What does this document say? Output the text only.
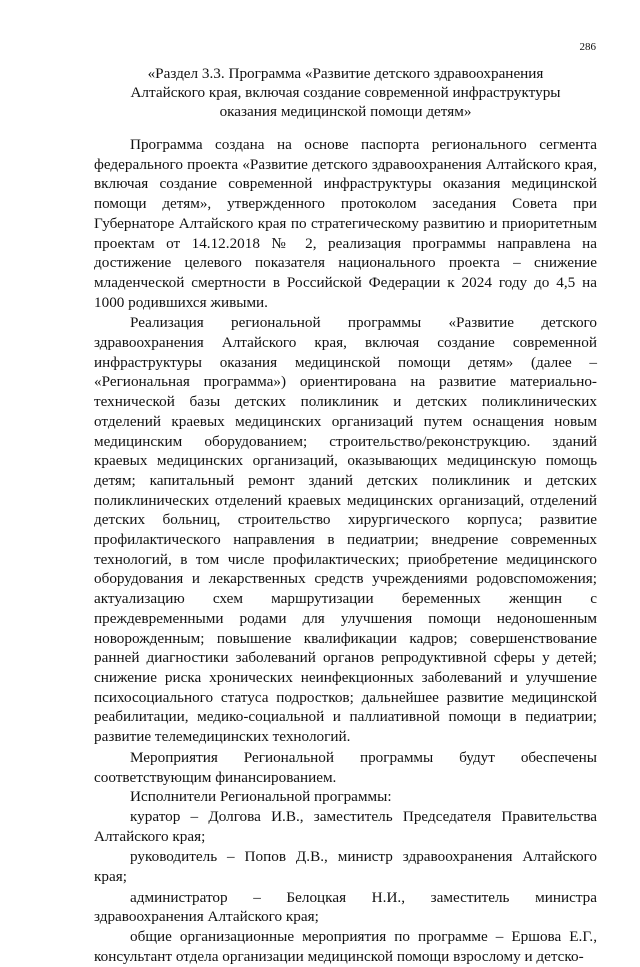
286

«Раздел 3.3. Программа «Развитие детского здравоохранения Алтайского края, включая создание современной инфраструктуры оказания медицинской помощи детям»

Программа создана на основе паспорта регионального сегмента федерального проекта «Развитие детского здравоохранения Алтайского края, включая создание современной инфраструктуры оказания медицинской помощи детям», утвержденного протоколом заседания Совета при Губернаторе Алтайского края по стратегическому развитию и приоритетным проектам от 14.12.2018 № 2, реализация программы направлена на достижение целевого показателя национального проекта – снижение младенческой смертности в Российской Федерации к 2024 году до 4,5 на 1000 родившихся живыми.

Реализация региональной программы «Развитие детского здравоохранения Алтайского края, включая создание современной инфраструктуры оказания медицинской помощи детям» (далее – «Региональная программа») ориентирована на развитие материально-технической базы детских поликлиник и детских поликлинических отделений краевых медицинских организаций путем оснащения новым медицинским оборудованием; строительство/реконструкцию. зданий краевых медицинских организаций, оказывающих медицинскую помощь детям; капитальный ремонт зданий детских поликлиник и детских поликлинических отделений краевых медицинских организаций, отделений детских больниц, строительство хирургического корпуса; развитие профилактического направления в педиатрии; внедрение современных технологий, в том числе профилактических; приобретение медицинского оборудования и лекарственных средств учреждениями родовспоможения; актуализацию схем маршрутизации беременных женщин с преждевременными родами для улучшения помощи недоношенным новорожденным; повышение квалификации кадров; совершенствование ранней диагностики заболеваний органов репродуктивной сферы у детей; снижение риска хронических неинфекционных заболеваний и улучшение психосоциального статуса подростков; дальнейшее развитие медицинской реабилитации, медико-социальной и паллиативной помощи в педиатрии; развитие телемедицинских технологий.

Мероприятия Региональной программы будут обеспечены соответствующим финансированием.

Исполнители Региональной программы:

куратор – Долгова И.В., заместитель Председателя Правительства Алтайского края;

руководитель – Попов Д.В., министр здравоохранения Алтайского края;

администратор – Белоцкая Н.И., заместитель министра здравоохранения Алтайского края;

общие организационные мероприятия по программе – Ершова Е.Г., консультант отдела организации медицинской помощи взрослому и детско-
